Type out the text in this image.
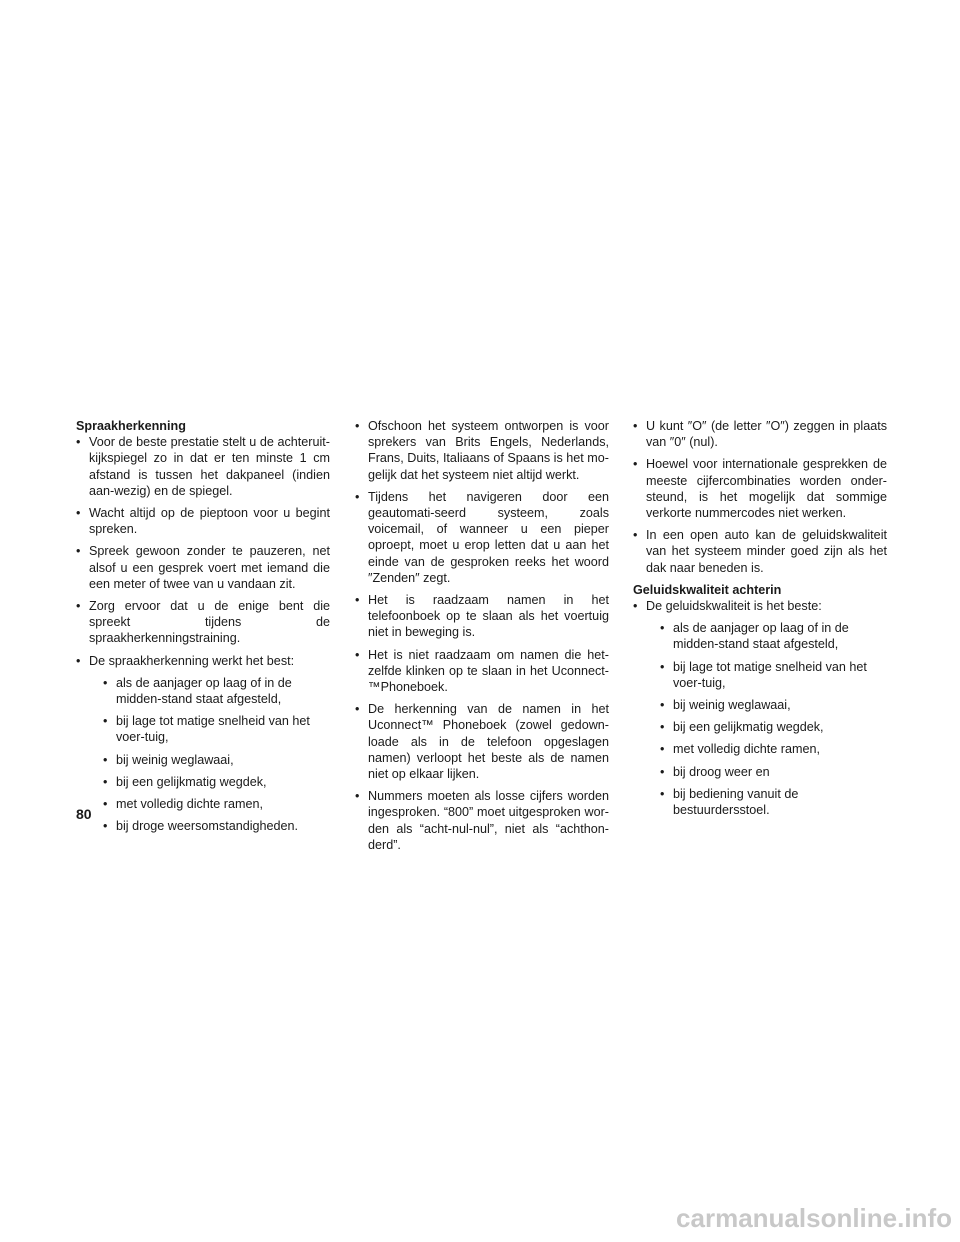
Spraakherkenning

• Voor de beste prestatie stelt u de achteruit-kijkspiegel zo in dat er ten minste 1 cm afstand is tussen het dakpaneel (indien aan-wezig) en de spiegel.
• Wacht altijd op de pieptoon voor u begint spreken.
• Spreek gewoon zonder te pauzeren, net alsof u een gesprek voert met iemand die een meter of twee van u vandaan zit.
• Zorg ervoor dat u de enige bent die spreekt tijdens de spraakherkenningstraining.
• De spraakherkenning werkt het best:
• als de aanjager op laag of in de midden-stand staat afgesteld,
• bij lage tot matige snelheid van het voer-tuig,
• bij weinig weglawaai,
• bij een gelijkmatig wegdek,
• met volledig dichte ramen,
• bij droge weersomstandigheden.
• Ofschoon het systeem ontworpen is voor sprekers van Brits Engels, Nederlands, Frans, Duits, Italiaans of Spaans is het mo-gelijk dat het systeem niet altijd werkt.
• Tijdens het navigeren door een geautomati-seerd systeem, zoals voicemail, of wanneer u een pieper oproept, moet u erop letten dat u aan het einde van de gesproken reeks het woord ″Zenden″ zegt.
• Het is raadzaam namen in het telefoonboek op te slaan als het voertuig niet in beweging is.
• Het is niet raadzaam om namen die het-zelfde klinken op te slaan in het Uconnect-™Phoneboek.
• De herkenning van de namen in het Uconnect™ Phoneboek (zowel gedown-loade als in de telefoon opgeslagen namen) verloopt het beste als de namen niet op elkaar lijken.
• Nummers moeten als losse cijfers worden ingesproken. “800” moet uitgesproken wor-den als “acht-nul-nul”, niet als “achthon-derd”.
• U kunt ″O″ (de letter ″O″) zeggen in plaats van ″0″ (nul).
• Hoewel voor internationale gesprekken de meeste cijfercombinaties worden onder-steund, is het mogelijk dat sommige verkorte nummercodes niet werken.
• In een open auto kan de geluidskwaliteit van het systeem minder goed zijn als het dak naar beneden is.

Geluidskwaliteit achterin

• De geluidskwaliteit is het beste:
• als de aanjager op laag of in de midden-stand staat afgesteld,
• bij lage tot matige snelheid van het voer-tuig,
• bij weinig weglawaai,
• bij een gelijkmatig wegdek,
• met volledig dichte ramen,
• bij droog weer en
• bij bediening vanuit de bestuurdersstoel.
80
carmanualsonline.info
